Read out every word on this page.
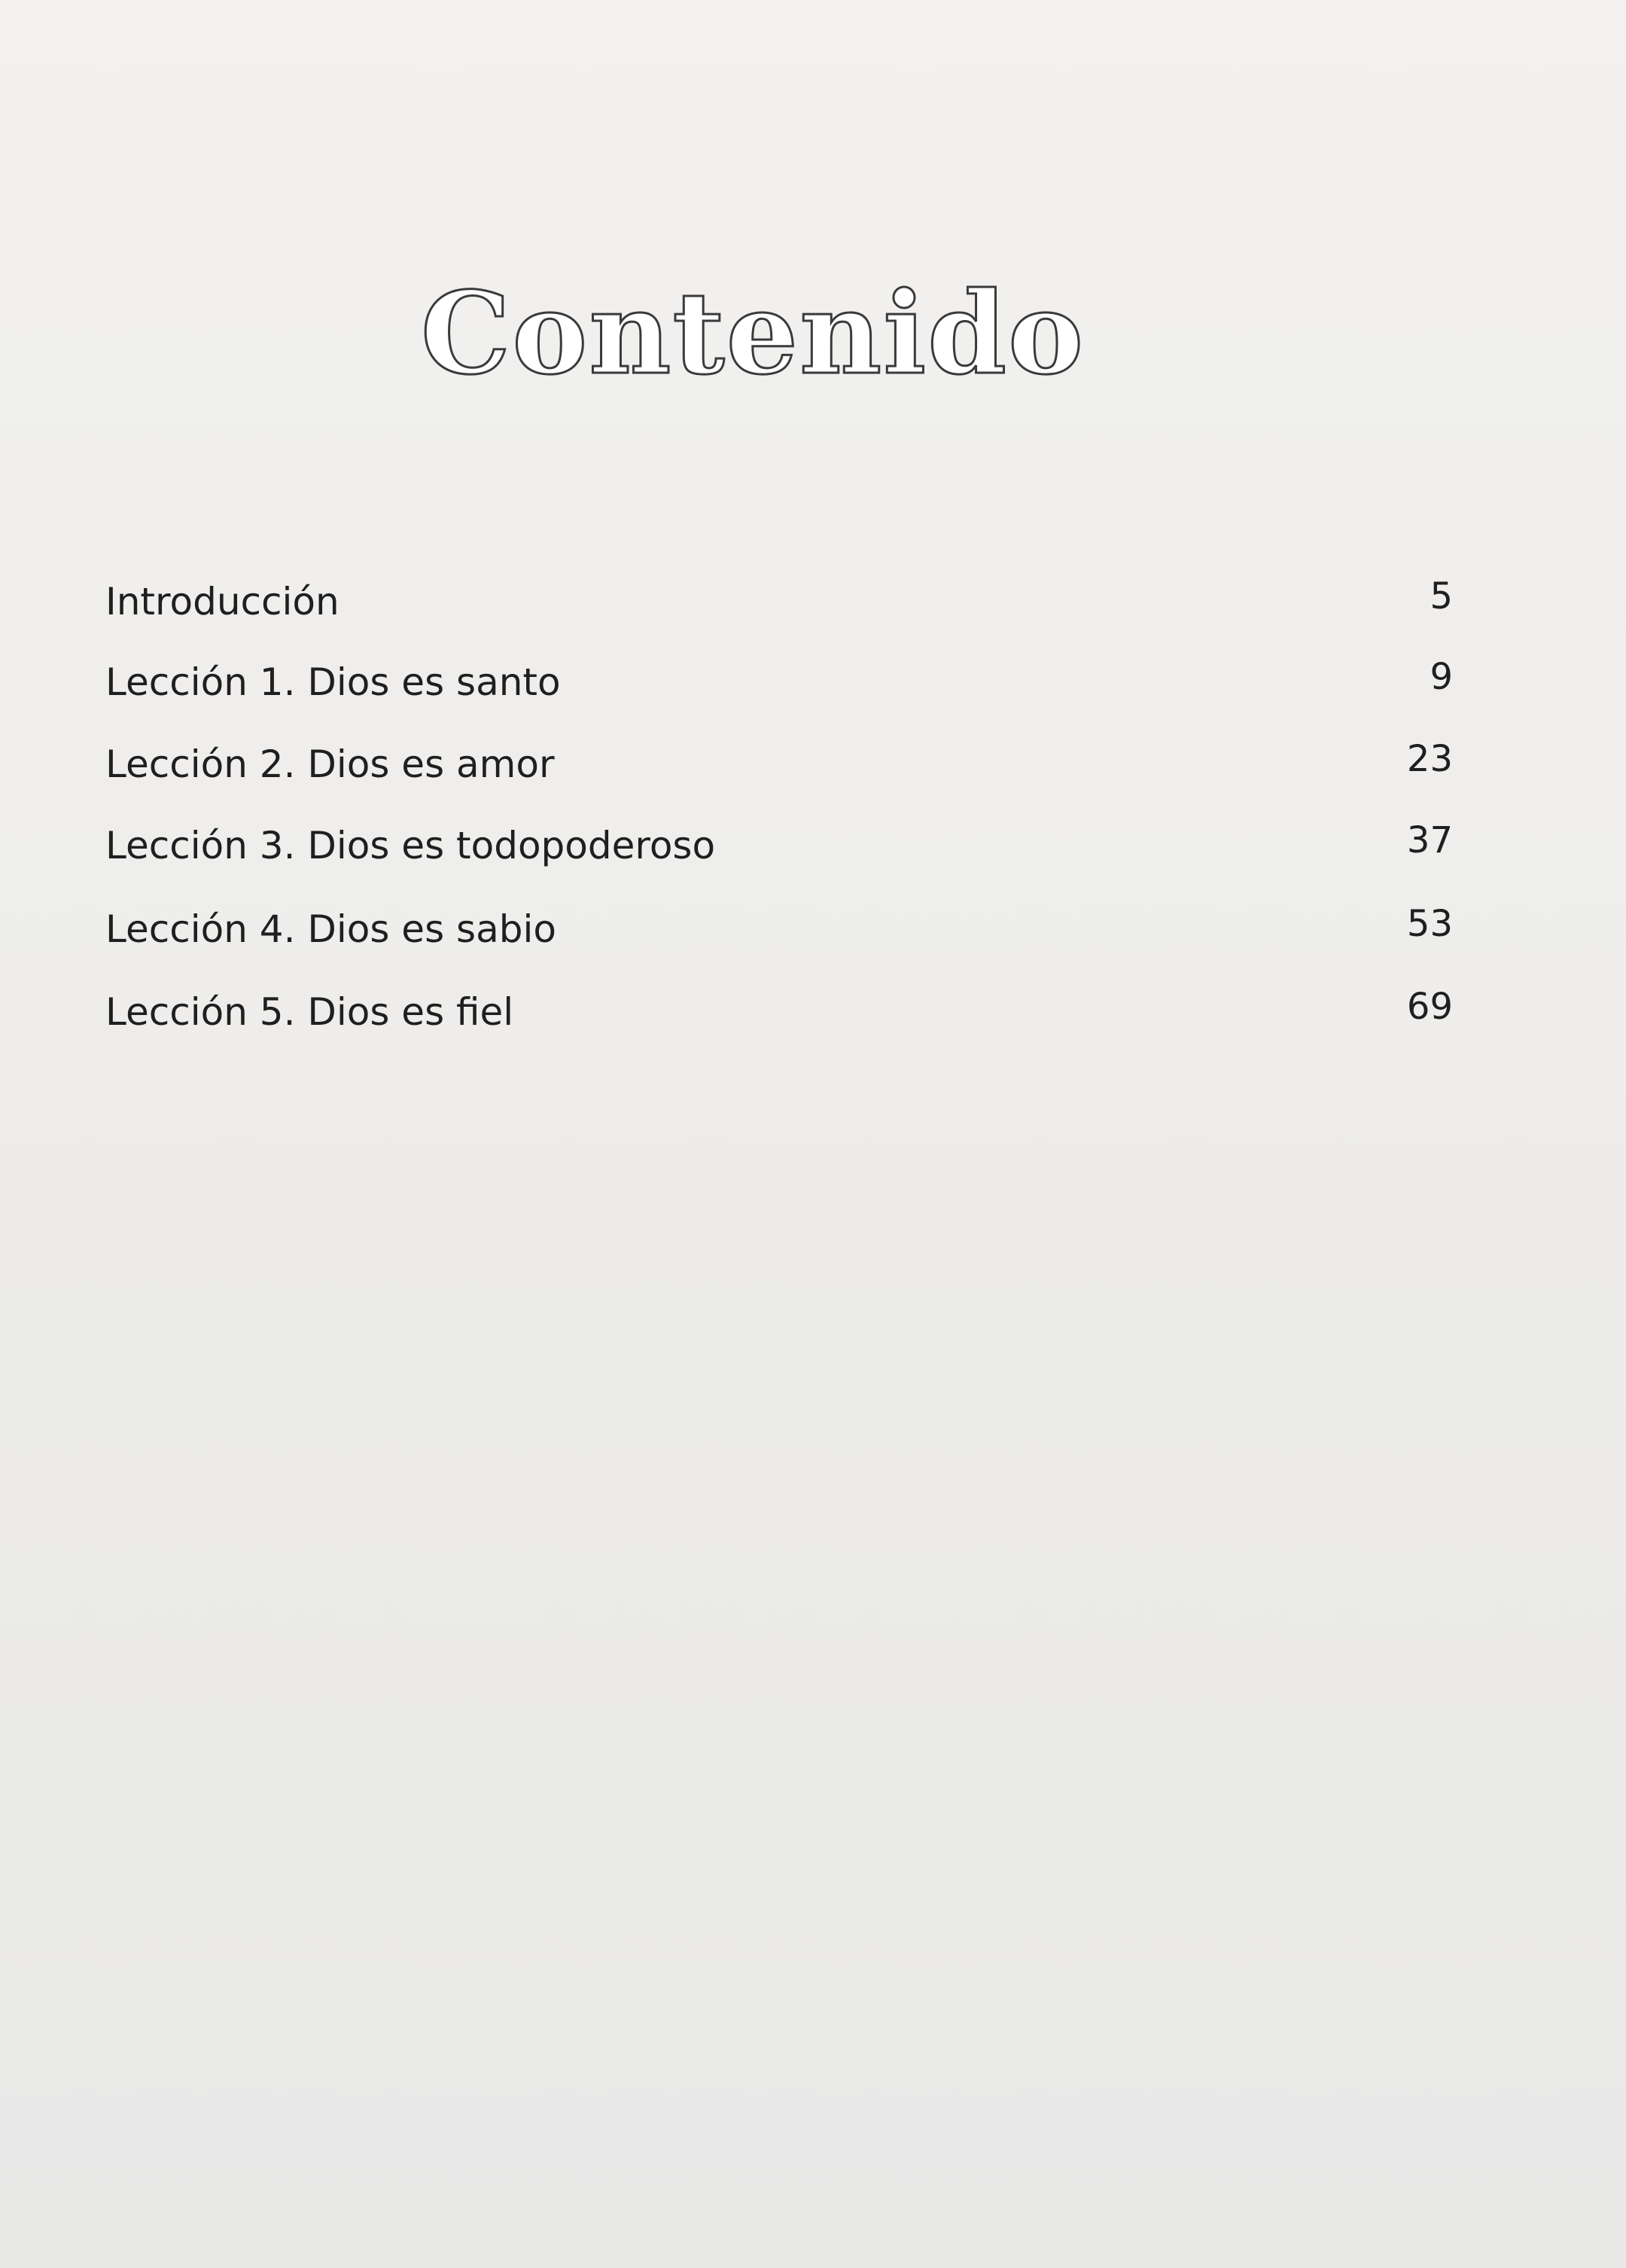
Contenido
Introducción	5
Lección 1. Dios es santo	9
Lección 2. Dios es amor	23
Lección 3. Dios es todopoderoso	37
Lección 4. Dios es sabio	53
Lección 5. Dios es fiel	69
